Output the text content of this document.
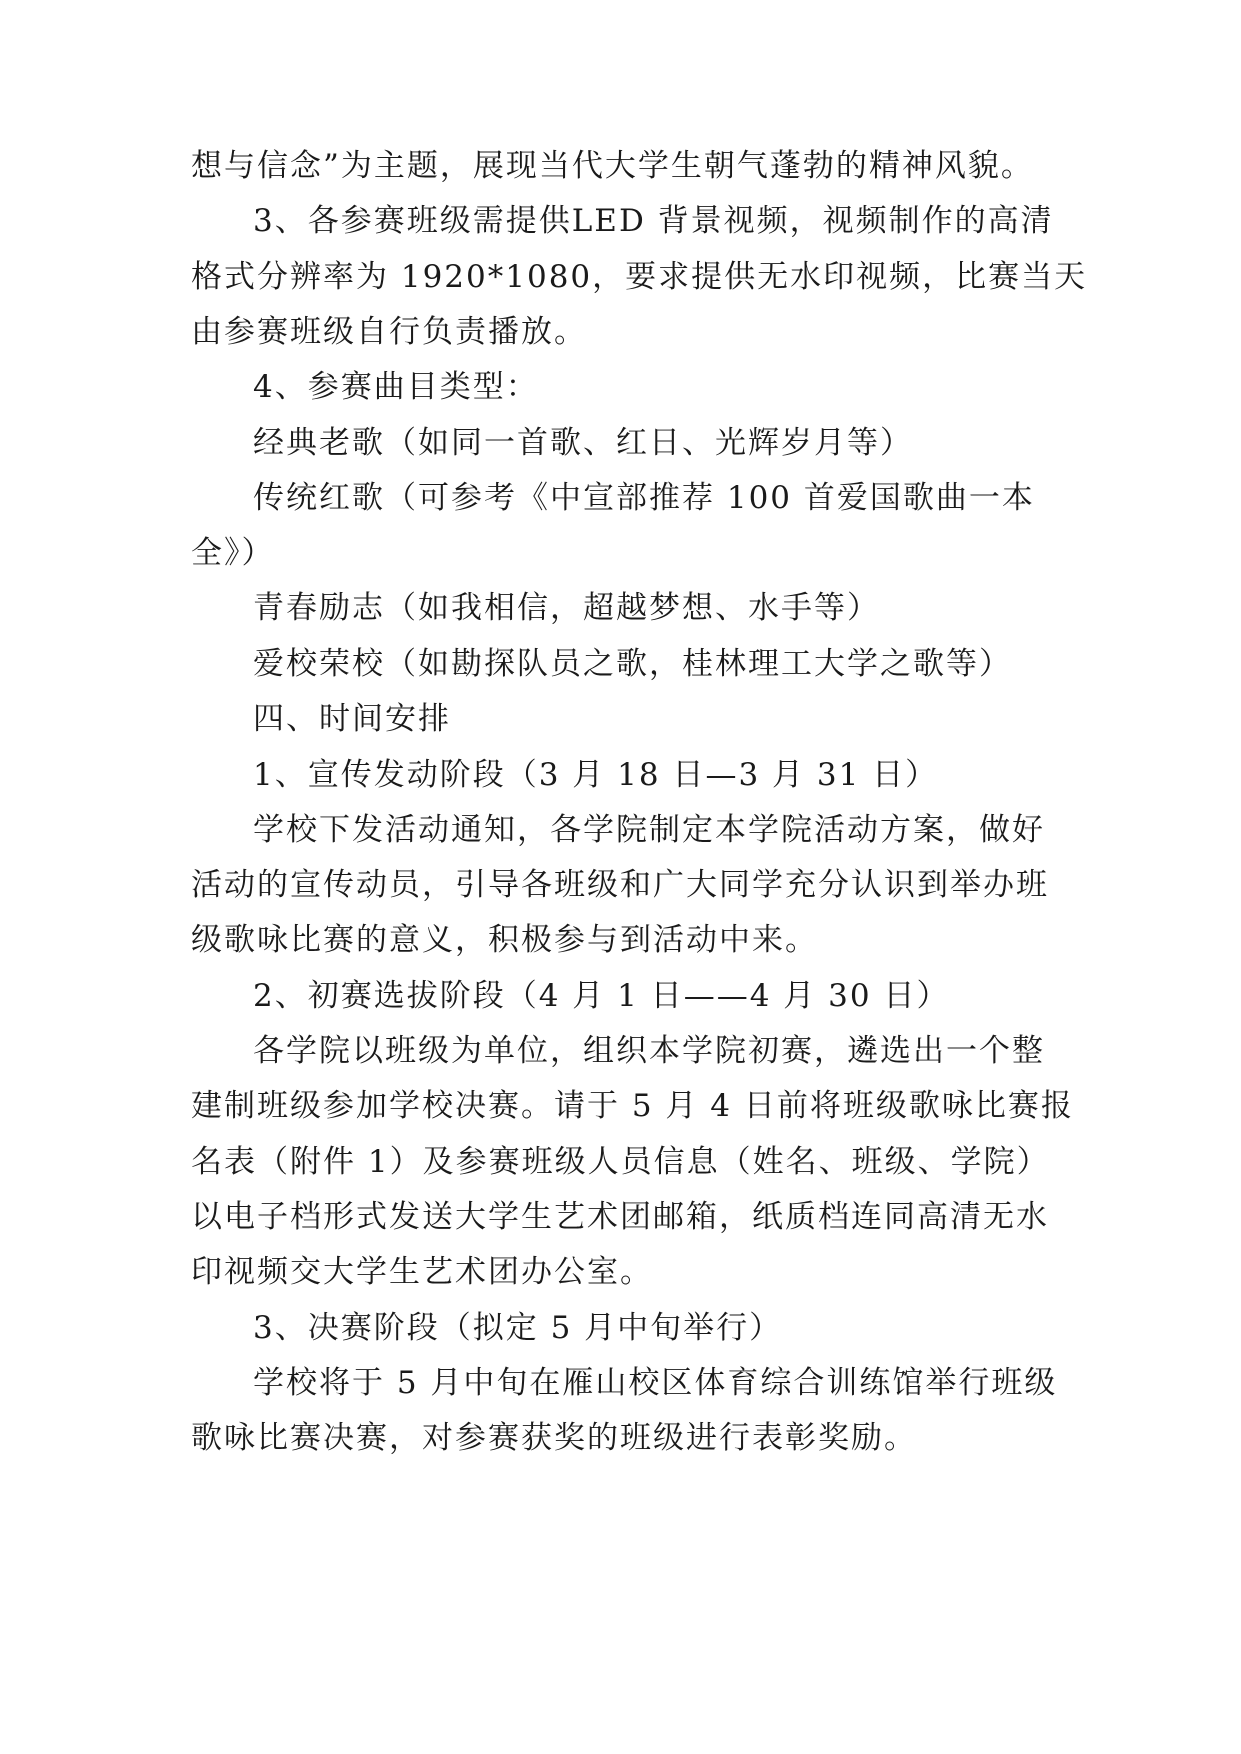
想与信念”为主题，展现当代大学生朝气蓬勃的精神风貌。
3、各参赛班级需提供LED 背景视频，视频制作的高清
格式分辨率为 1920*1080，要求提供无水印视频，比赛当天
由参赛班级自行负责播放。
4、参赛曲目类型：
经典老歌（如同一首歌、红日、光辉岁月等）
传统红歌（可参考《中宣部推荐 100 首爱国歌曲一本
全》）
青春励志（如我相信，超越梦想、水手等）
爱校荣校（如勘探队员之歌，桂林理工大学之歌等）
四、时间安排
1、宣传发动阶段（3 月 18 日—3 月 31 日）
学校下发活动通知，各学院制定本学院活动方案，做好
活动的宣传动员，引导各班级和广大同学充分认识到举办班
级歌咏比赛的意义，积极参与到活动中来。
2、初赛选拔阶段（4 月 1 日——4 月 30 日）
各学院以班级为单位，组织本学院初赛，遴选出一个整
建制班级参加学校决赛。请于 5 月 4 日前将班级歌咏比赛报
名表（附件 1）及参赛班级人员信息（姓名、班级、学院）
以电子档形式发送大学生艺术团邮箱，纸质档连同高清无水
印视频交大学生艺术团办公室。
3、决赛阶段（拟定 5 月中旬举行）
学校将于 5 月中旬在雁山校区体育综合训练馆举行班级
歌咏比赛决赛，对参赛获奖的班级进行表彰奖励。
